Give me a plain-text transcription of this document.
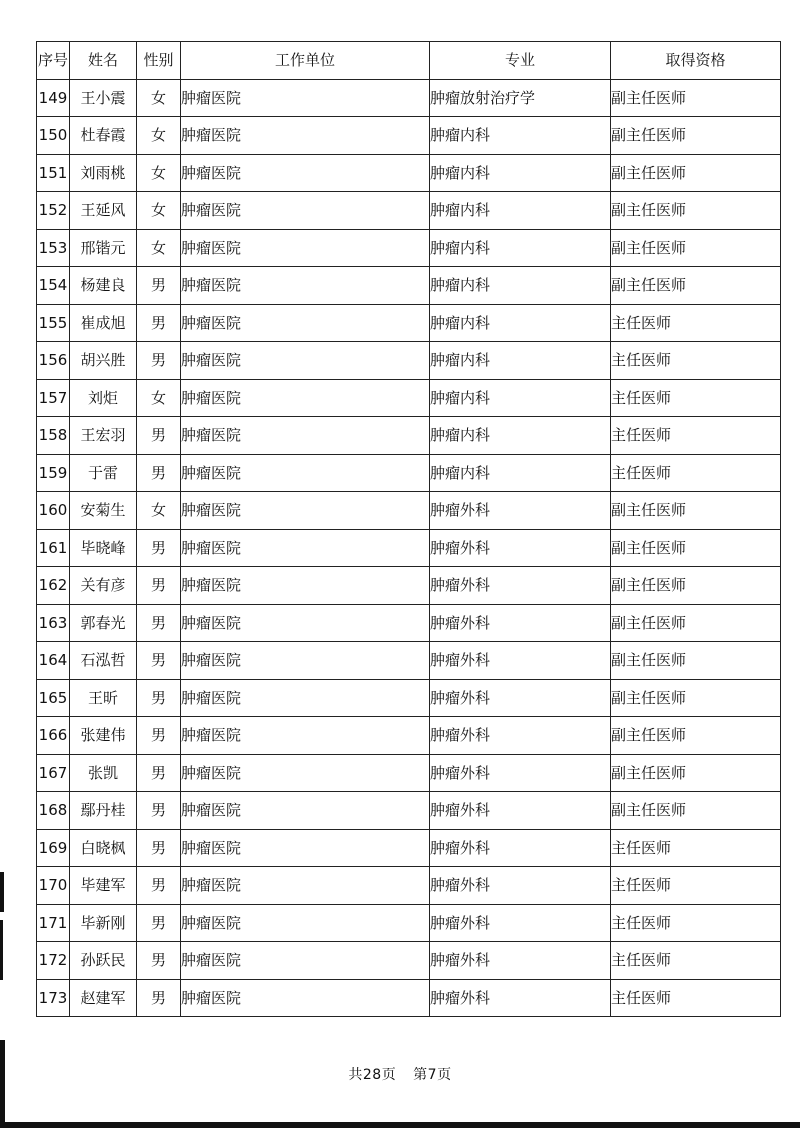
序号	姓名	性别	工作单位	专业	取得资格
149	王小震	女	肿瘤医院	肿瘤放射治疗学	副主任医师
150	杜春霞	女	肿瘤医院	肿瘤内科	副主任医师
151	刘雨桃	女	肿瘤医院	肿瘤内科	副主任医师
152	王延风	女	肿瘤医院	肿瘤内科	副主任医师
153	邢锴元	女	肿瘤医院	肿瘤内科	副主任医师
154	杨建良	男	肿瘤医院	肿瘤内科	副主任医师
155	崔成旭	男	肿瘤医院	肿瘤内科	主任医师
156	胡兴胜	男	肿瘤医院	肿瘤内科	主任医师
157	刘炬	女	肿瘤医院	肿瘤内科	主任医师
158	王宏羽	男	肿瘤医院	肿瘤内科	主任医师
159	于雷	男	肿瘤医院	肿瘤内科	主任医师
160	安菊生	女	肿瘤医院	肿瘤外科	副主任医师
161	毕晓峰	男	肿瘤医院	肿瘤外科	副主任医师
162	关有彦	男	肿瘤医院	肿瘤外科	副主任医师
163	郭春光	男	肿瘤医院	肿瘤外科	副主任医师
164	石泓哲	男	肿瘤医院	肿瘤外科	副主任医师
165	王昕	男	肿瘤医院	肿瘤外科	副主任医师
166	张建伟	男	肿瘤医院	肿瘤外科	副主任医师
167	张凯	男	肿瘤医院	肿瘤外科	副主任医师
168	鄢丹桂	男	肿瘤医院	肿瘤外科	副主任医师
169	白晓枫	男	肿瘤医院	肿瘤外科	主任医师
170	毕建军	男	肿瘤医院	肿瘤外科	主任医师
171	毕新刚	男	肿瘤医院	肿瘤外科	主任医师
172	孙跃民	男	肿瘤医院	肿瘤外科	主任医师
173	赵建军	男	肿瘤医院	肿瘤外科	主任医师
共28页 第7页
